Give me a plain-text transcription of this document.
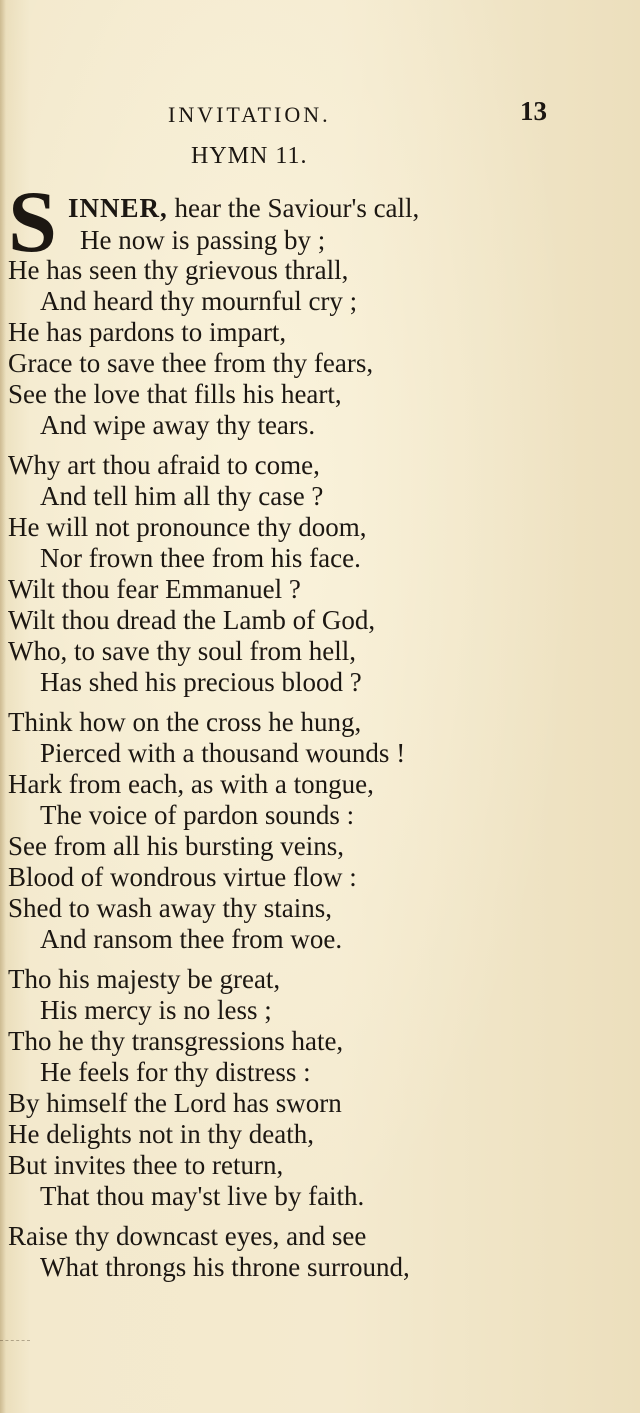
INVITATION.	13
HYMN 11.
S INNER, hear the Saviour's call,
He now is passing by ;
He has seen thy grievous thrall,
And heard thy mournful cry ;
He has pardons to impart,
Grace to save thee from thy fears,
See the love that fills his heart,
And wipe away thy tears.
Why art thou afraid to come,
And tell him all thy case ?
He will not pronounce thy doom,
Nor frown thee from his face.
Wilt thou fear Emmanuel ?
Wilt thou dread the Lamb of God,
Who, to save thy soul from hell,
Has shed his precious blood ?
Think how on the cross he hung,
Pierced with a thousand wounds !
Hark from each, as with a tongue,
The voice of pardon sounds :
See from all his bursting veins,
Blood of wondrous virtue flow :
Shed to wash away thy stains,
And ransom thee from woe.
Tho his majesty be great,
His mercy is no less ;
Tho he thy transgressions hate,
He feels for thy distress :
By himself the Lord has sworn
He delights not in thy death,
But invites thee to return,
That thou may'st live by faith.
Raise thy downcast eyes, and see
What throngs his throne surround,
